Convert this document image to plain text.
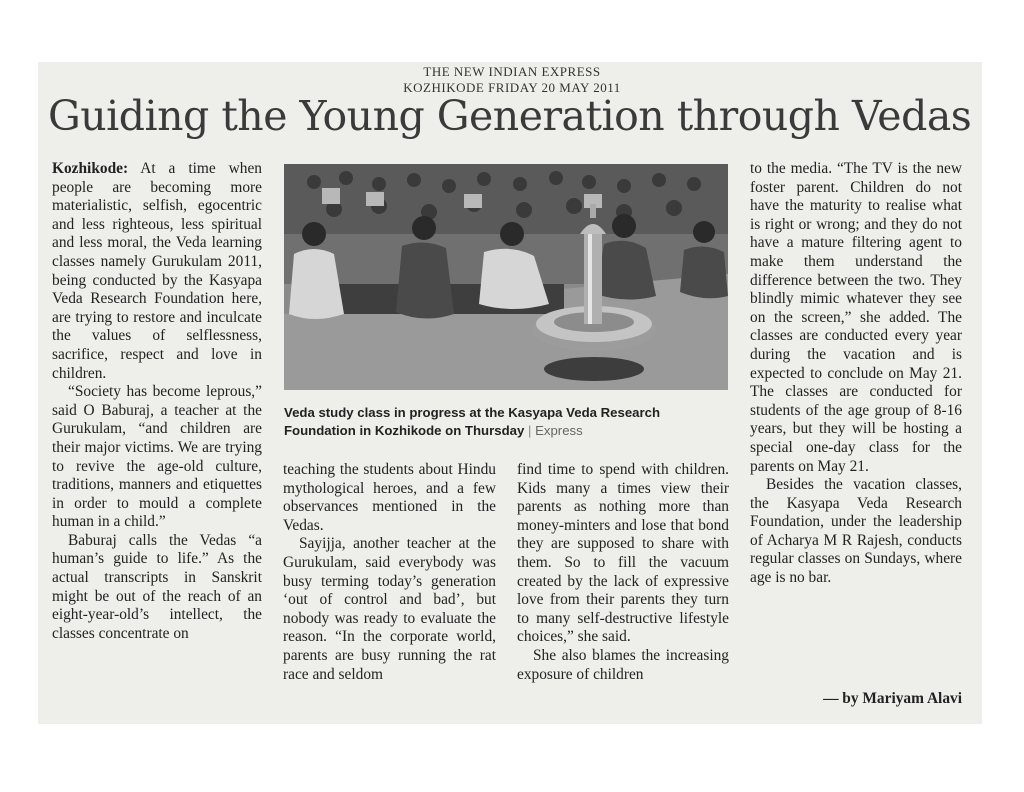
THE NEW INDIAN EXPRESS
KOZHIKODE FRIDAY 20 MAY 2011
Guiding the Young Generation through Vedas

Kozhikode: At a time when people are becoming more materialistic, selfish, egocentric and less righteous, less spiritual and less moral, the Veda learning classes namely Gurukulam 2011, being conducted by the Kasyapa Veda Research Foundation here, are trying to restore and inculcate the values of selflessness, sacrifice, respect and love in children.

“Society has become leprous,” said O Baburaj, a teacher at the Gurukulam, “and children are their major victims. We are trying to revive the age-old culture, traditions, manners and etiquettes in order to mould a complete human in a child.”

Baburaj calls the Vedas “a human’s guide to life.” As the actual transcripts in Sanskrit might be out of the reach of an eight-year-old’s intellect, the classes concentrate on

Veda study class in progress at the Kasyapa Veda Research Foundation in Kozhikode on Thursday | Express

teaching the students about Hindu mythological heroes, and a few observances mentioned in the Vedas.

Sayijja, another teacher at the Gurukulam, said everybody was busy terming today’s generation ‘out of control and bad’, but nobody was ready to evaluate the reason. “In the corporate world, parents are busy running the rat race and seldom

find time to spend with children. Kids many a times view their parents as nothing more than money-minters and lose that bond they are supposed to share with them. So to fill the vacuum created by the lack of expressive love from their parents they turn to many self-destructive lifestyle choices,” she said.

She also blames the increasing exposure of children

to the media. “The TV is the new foster parent. Children do not have the maturity to realise what is right or wrong; and they do not have a mature filtering agent to make them understand the difference between the two. They blindly mimic whatever they see on the screen,” she added. The classes are conducted every year during the vacation and is expected to conclude on May 21. The classes are conducted for students of the age group of 8-16 years, but they will be hosting a special one-day class for the parents on May 21.

Besides the vacation classes, the Kasyapa Veda Research Foundation, under the leadership of Acharya M R Rajesh, conducts regular classes on Sundays, where age is no bar.

— by Mariyam Alavi
